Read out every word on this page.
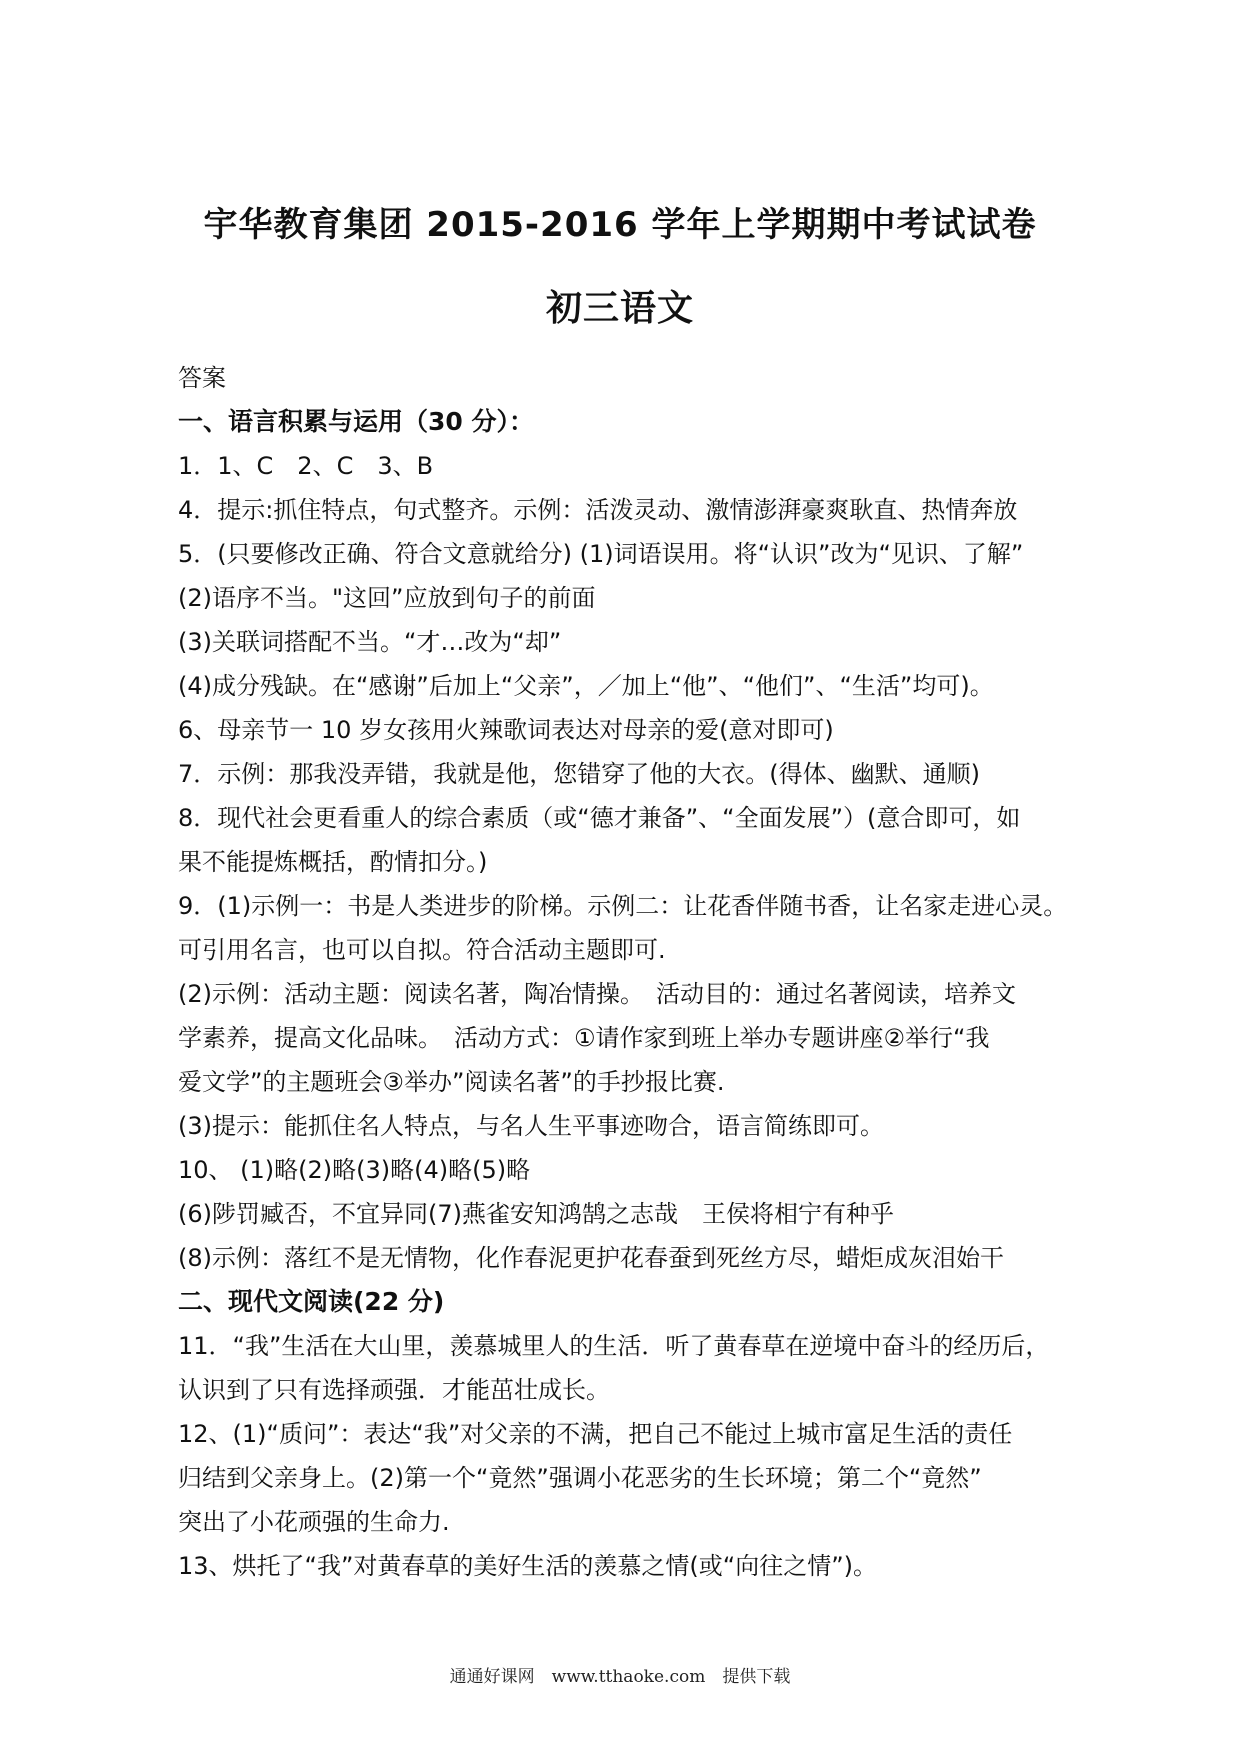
宇华教育集团 2015-2016 学年上学期期中考试试卷
初三语文
答案
一、语言积累与运用（30 分）：
1．1、C　2、C　3、B
4．提示:抓住特点，句式整齐。示例：活泼灵动、激情澎湃豪爽耿直、热情奔放
5．(只要修改正确、符合文意就给分) (1)词语误用。将“认识”改为“见识、了解”
(2)语序不当。"这回”应放到句子的前面
(3)关联词搭配不当。“才…改为“却”
(4)成分残缺。在“感谢”后加上“父亲”，／加上“他”、“他们”、“生活”均可)。
6、母亲节一 10 岁女孩用火辣歌词表达对母亲的爱(意对即可)
7．示例：那我没弄错，我就是他，您错穿了他的大衣。(得体、幽默、通顺)
8．现代社会更看重人的综合素质（或“德才兼备”、“全面发展”）(意合即可，如
果不能提炼概括，酌情扣分。)
9．(1)示例一：书是人类进步的阶梯。示例二：让花香伴随书香，让名家走进心灵。
可引用名言，也可以自拟。符合活动主题即可.
(2)示例：活动主题：阅读名著，陶冶情操。　活动目的：通过名著阅读，培养文
学素养，提高文化品味。　活动方式：①请作家到班上举办专题讲座②举行“我
爱文学”的主题班会③举办”阅读名著”的手抄报比赛.
(3)提示：能抓住名人特点，与名人生平事迹吻合，语言简练即可。
10、 (1)略(2)略(3)略(4)略(5)略
(6)陟罚臧否，不宜异同(7)燕雀安知鸿鹄之志哉　王侯将相宁有种乎
(8)示例：落红不是无情物，化作春泥更护花春蚕到死丝方尽，蜡炬成灰泪始干
二、现代文阅读(22 分)
11．“我”生活在大山里，羡慕城里人的生活．听了黄春草在逆境中奋斗的经历后，
认识到了只有选择顽强．才能茁壮成长。
12、(1)“质问”：表达“我”对父亲的不满，把自己不能过上城市富足生活的责任
归结到父亲身上。(2)第一个“竟然”强调小花恶劣的生长环境；第二个“竟然”
突出了小花顽强的生命力.
13、烘托了“我”对黄春草的美好生活的羡慕之情(或“向往之情”)。
通通好课网　www.tthaoke.com　提供下载
